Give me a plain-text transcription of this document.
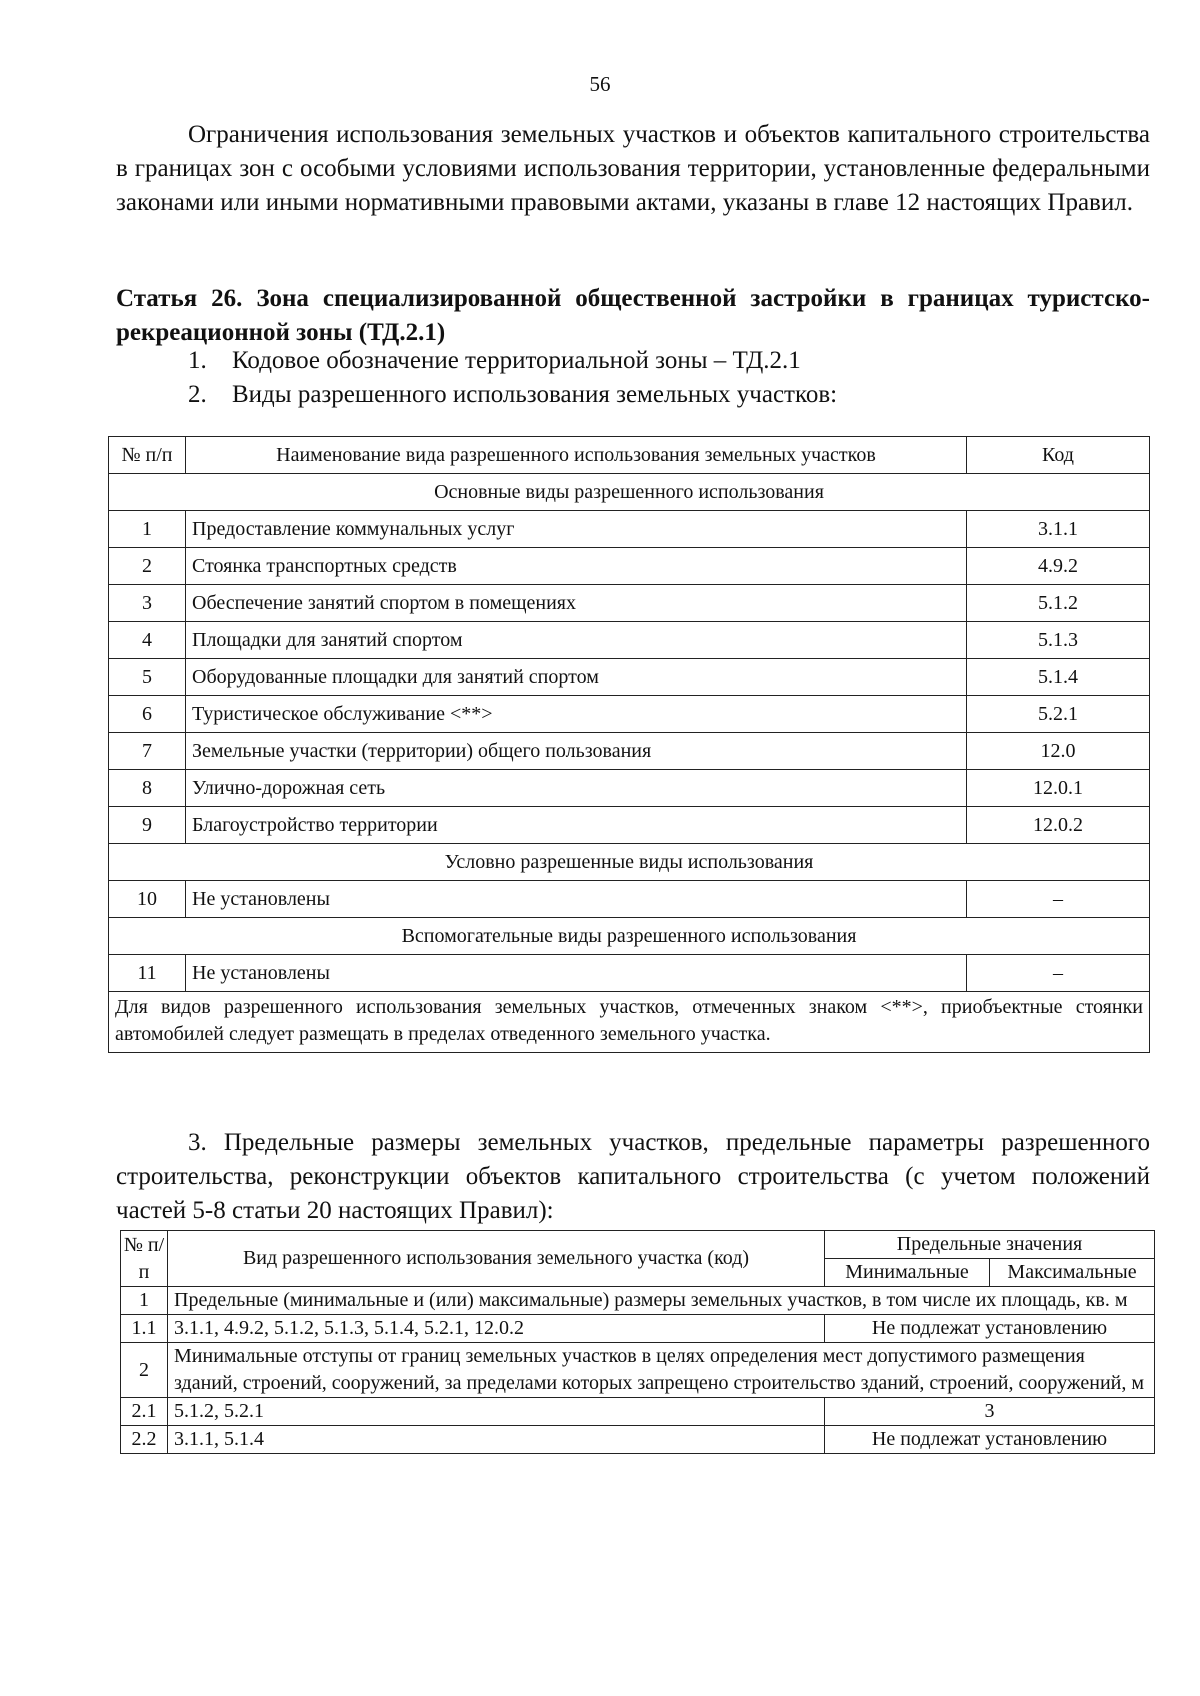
56

Ограничения использования земельных участков и объектов капитального строительства в границах зон с особыми условиями использования территории, установленные федеральными законами или иными нормативными правовыми актами, указаны в главе 12 настоящих Правил.

Статья 26. Зона специализированной общественной застройки в границах туристско-рекреационной зоны (ТД.2.1)

1. Кодовое обозначение территориальной зоны – ТД.2.1
2. Виды разрешенного использования земельных участков:
№ п/п	Наименование вида разрешенного использования земельных участков	Код
Основные виды разрешенного использования		
1	Предоставление коммунальных услуг	3.1.1
2	Стоянка транспортных средств	4.9.2
3	Обеспечение занятий спортом в помещениях	5.1.2
4	Площадки для занятий спортом	5.1.3
5	Оборудованные площадки для занятий спортом	5.1.4
6	Туристическое обслуживание <**>	5.2.1
7	Земельные участки (территории) общего пользования	12.0
8	Улично-дорожная сеть	12.0.1
9	Благоустройство территории	12.0.2
Условно разрешенные виды использования		
10	Не установлены	–
Вспомогательные виды разрешенного использования		
11	Не установлены	–
Для видов разрешенного использования земельных участков, отмеченных знаком <**>, приобъектные стоянки автомобилей следует размещать в пределах отведенного земельного участка.		

3. Предельные размеры земельных участков, предельные параметры разрешенного строительства, реконструкции объектов капитального строительства (с учетом положений частей 5-8 статьи 20 настоящих Правил):

№ п/п	Вид разрешенного использования земельного участка (код)	Предельные значения	
		Минимальные	Максимальные
1	Предельные (минимальные и (или) максимальные) размеры земельных участков, в том числе их площадь, кв. м		
1.1	3.1.1, 4.9.2, 5.1.2, 5.1.3, 5.1.4, 5.2.1, 12.0.2	Не подлежат установлению	
2	Минимальные отступы от границ земельных участков в целях определения мест допустимого размещения зданий, строений, сооружений, за пределами которых запрещено строительство зданий, строений, сооружений, м		
2.1	5.1.2, 5.2.1	3	
2.2	3.1.1, 5.1.4	Не подлежат установлению	
